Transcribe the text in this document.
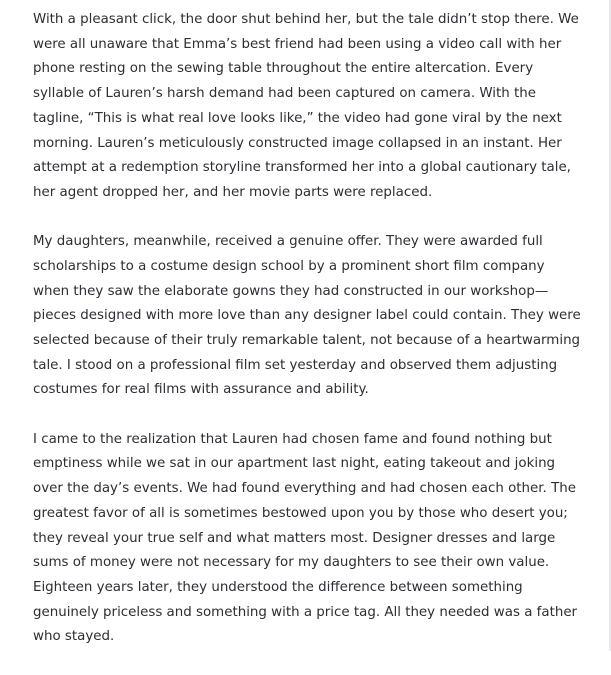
With a pleasant click, the door shut behind her, but the tale didn’t stop there. We were all unaware that Emma’s best friend had been using a video call with her phone resting on the sewing table throughout the entire altercation. Every syllable of Lauren’s harsh demand had been captured on camera. With the tagline, “This is what real love looks like,” the video had gone viral by the next morning. Lauren’s meticulously constructed image collapsed in an instant. Her attempt at a redemption storyline transformed her into a global cautionary tale, her agent dropped her, and her movie parts were replaced.

My daughters, meanwhile, received a genuine offer. They were awarded full scholarships to a costume design school by a prominent short film company when they saw the elaborate gowns they had constructed in our workshop—pieces designed with more love than any designer label could contain. They were selected because of their truly remarkable talent, not because of a heartwarming tale. I stood on a professional film set yesterday and observed them adjusting costumes for real films with assurance and ability.

I came to the realization that Lauren had chosen fame and found nothing but emptiness while we sat in our apartment last night, eating takeout and joking over the day’s events. We had found everything and had chosen each other. The greatest favor of all is sometimes bestowed upon you by those who desert you; they reveal your true self and what matters most. Designer dresses and large sums of money were not necessary for my daughters to see their own value. Eighteen years later, they understood the difference between something genuinely priceless and something with a price tag. All they needed was a father who stayed.
